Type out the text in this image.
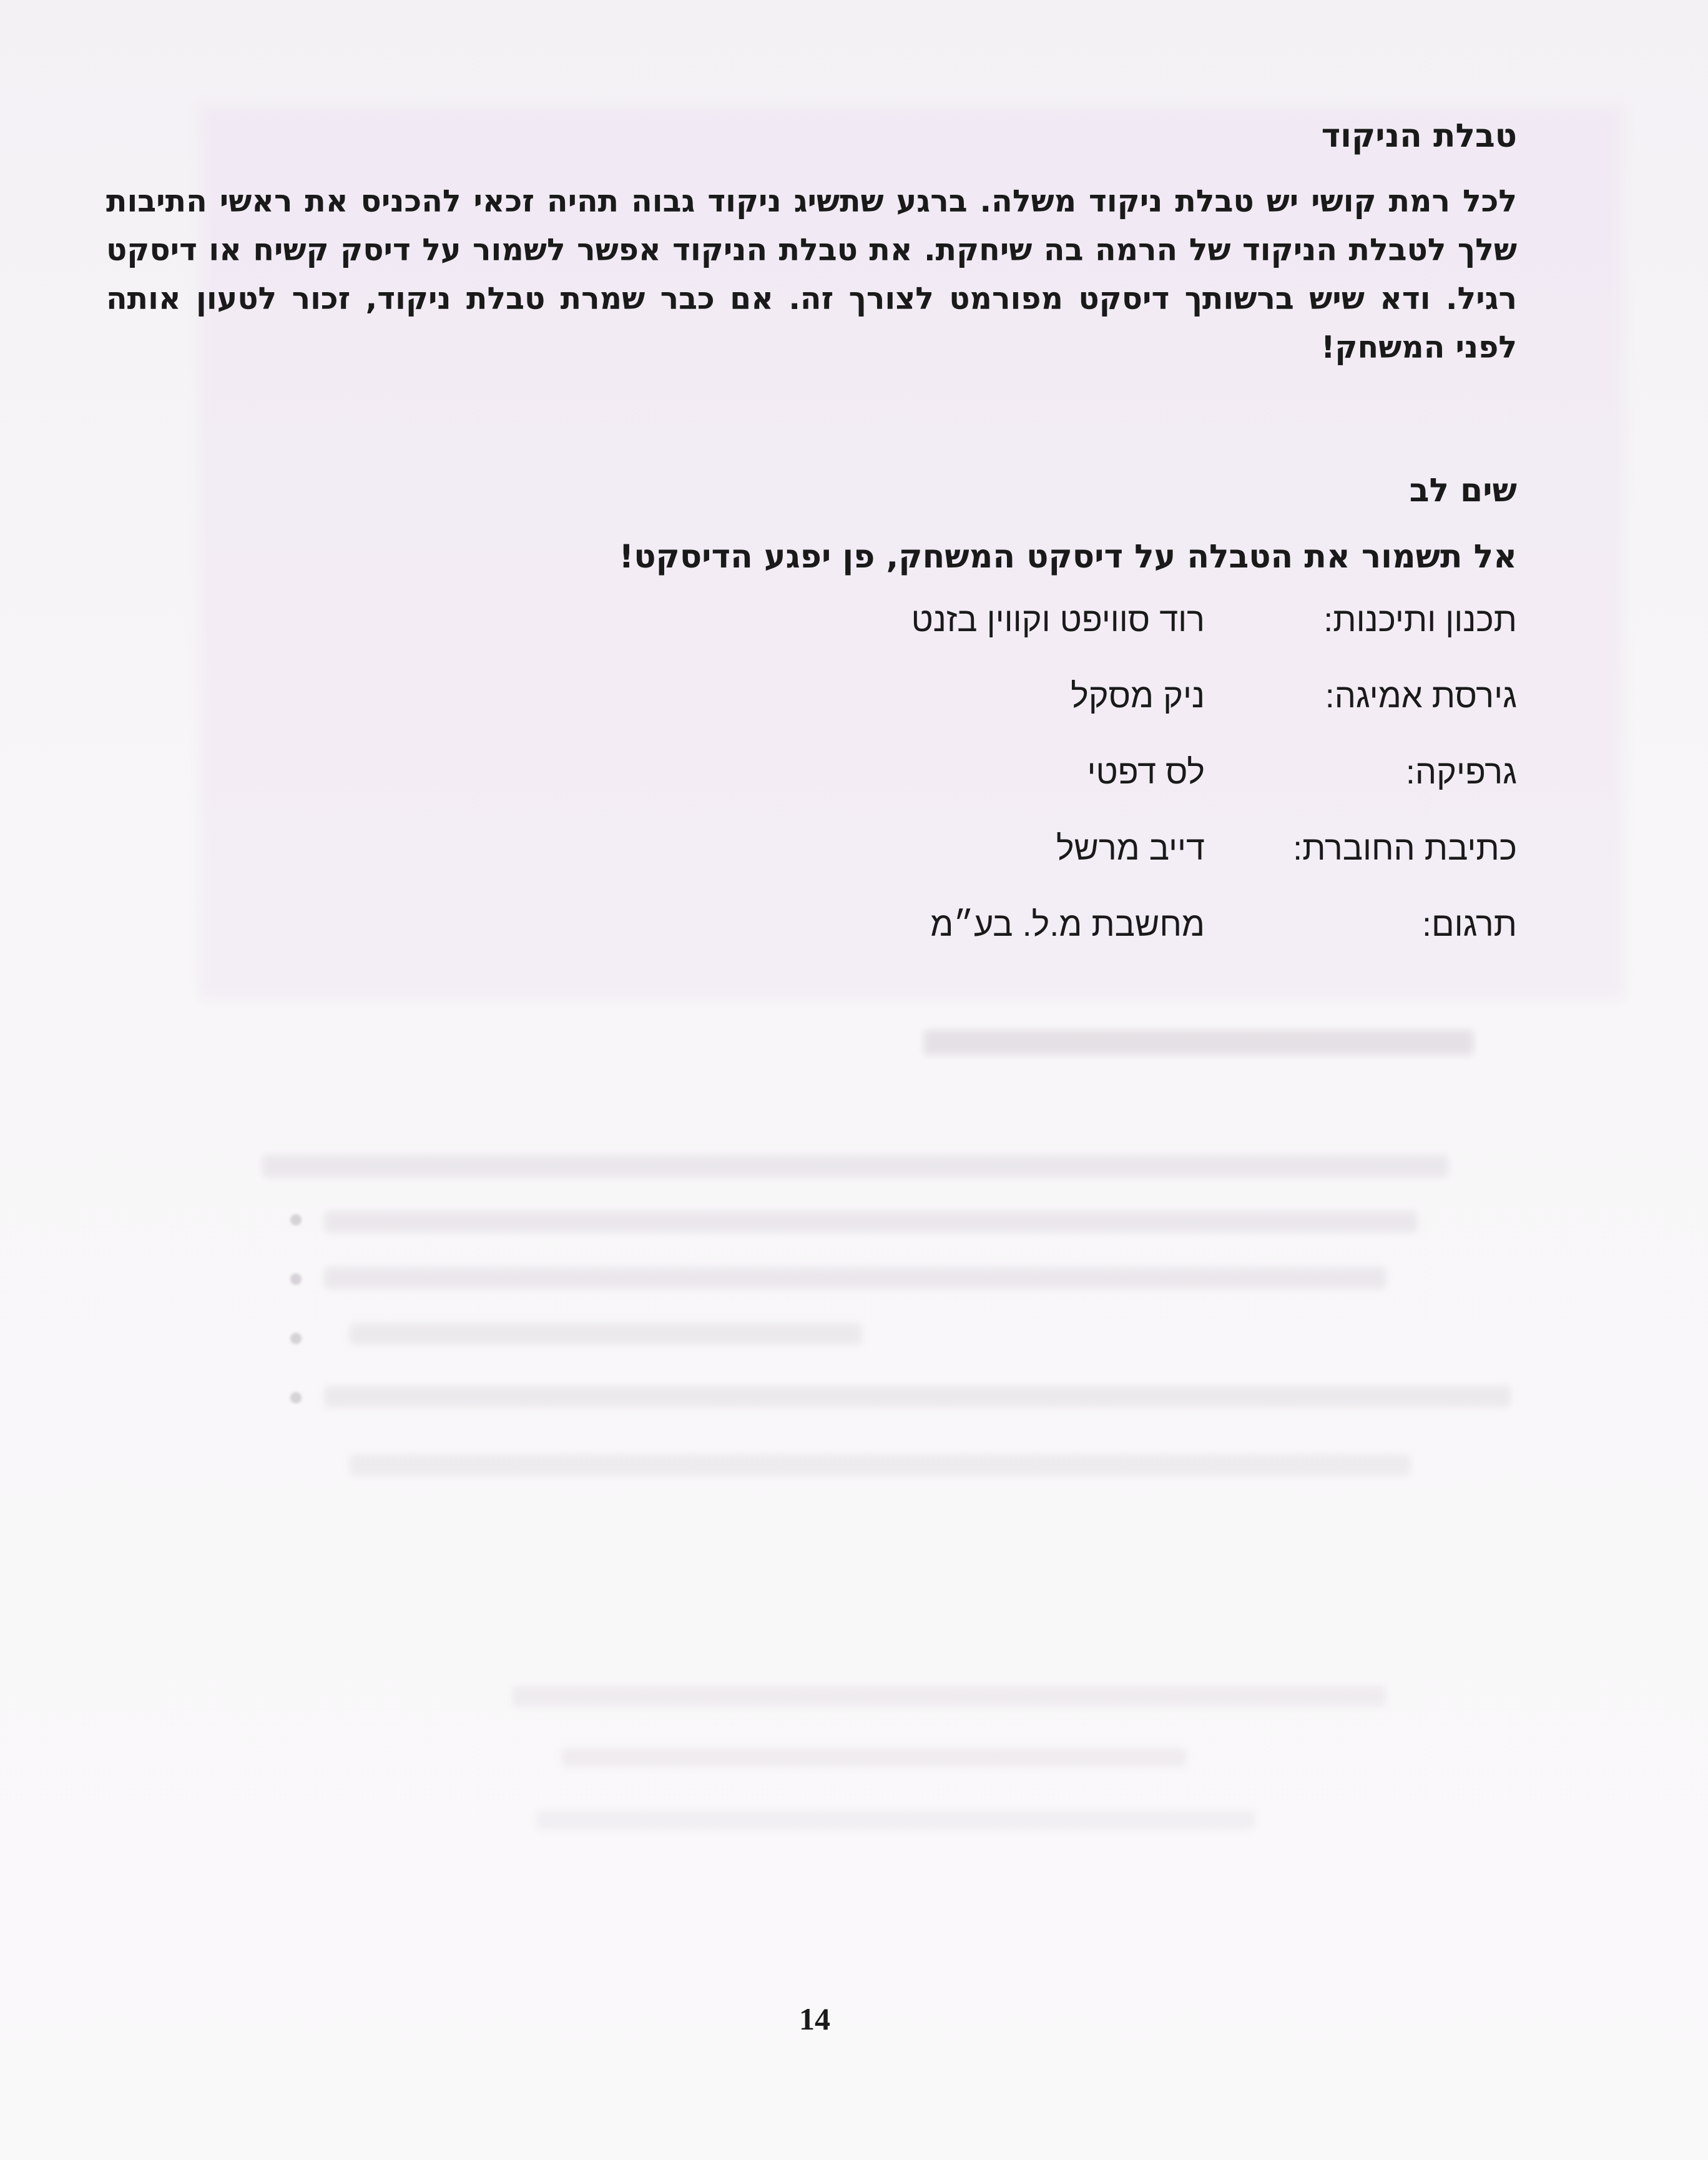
טבלת הניקוד

לכל רמת קושי יש טבלת ניקוד משלה. ברגע שתשיג ניקוד גבוה תהיה זכאי להכניס את ראשי התיבות שלך לטבלת הניקוד של הרמה בה שיחקת. את טבלת הניקוד אפשר לשמור על דיסק קשיח או דיסקט רגיל. ודא שיש ברשותך דיסקט מפורמט לצורך זה. אם כבר שמרת טבלת ניקוד, זכור לטעון אותה לפני המשחק!

שים לב

אל תשמור את הטבלה על דיסקט המשחק, פן יפגע הדיסקט!

תכנון ותיכנות:
רוד סוויפט וקווין בזנט
גירסת אמיגה:
ניק מסקל
גרפיקה:
לס דפטי
כתיבת החוברת:
דייב מרשל
תרגום:
מחשבת מ.ל. בע״מ
14
